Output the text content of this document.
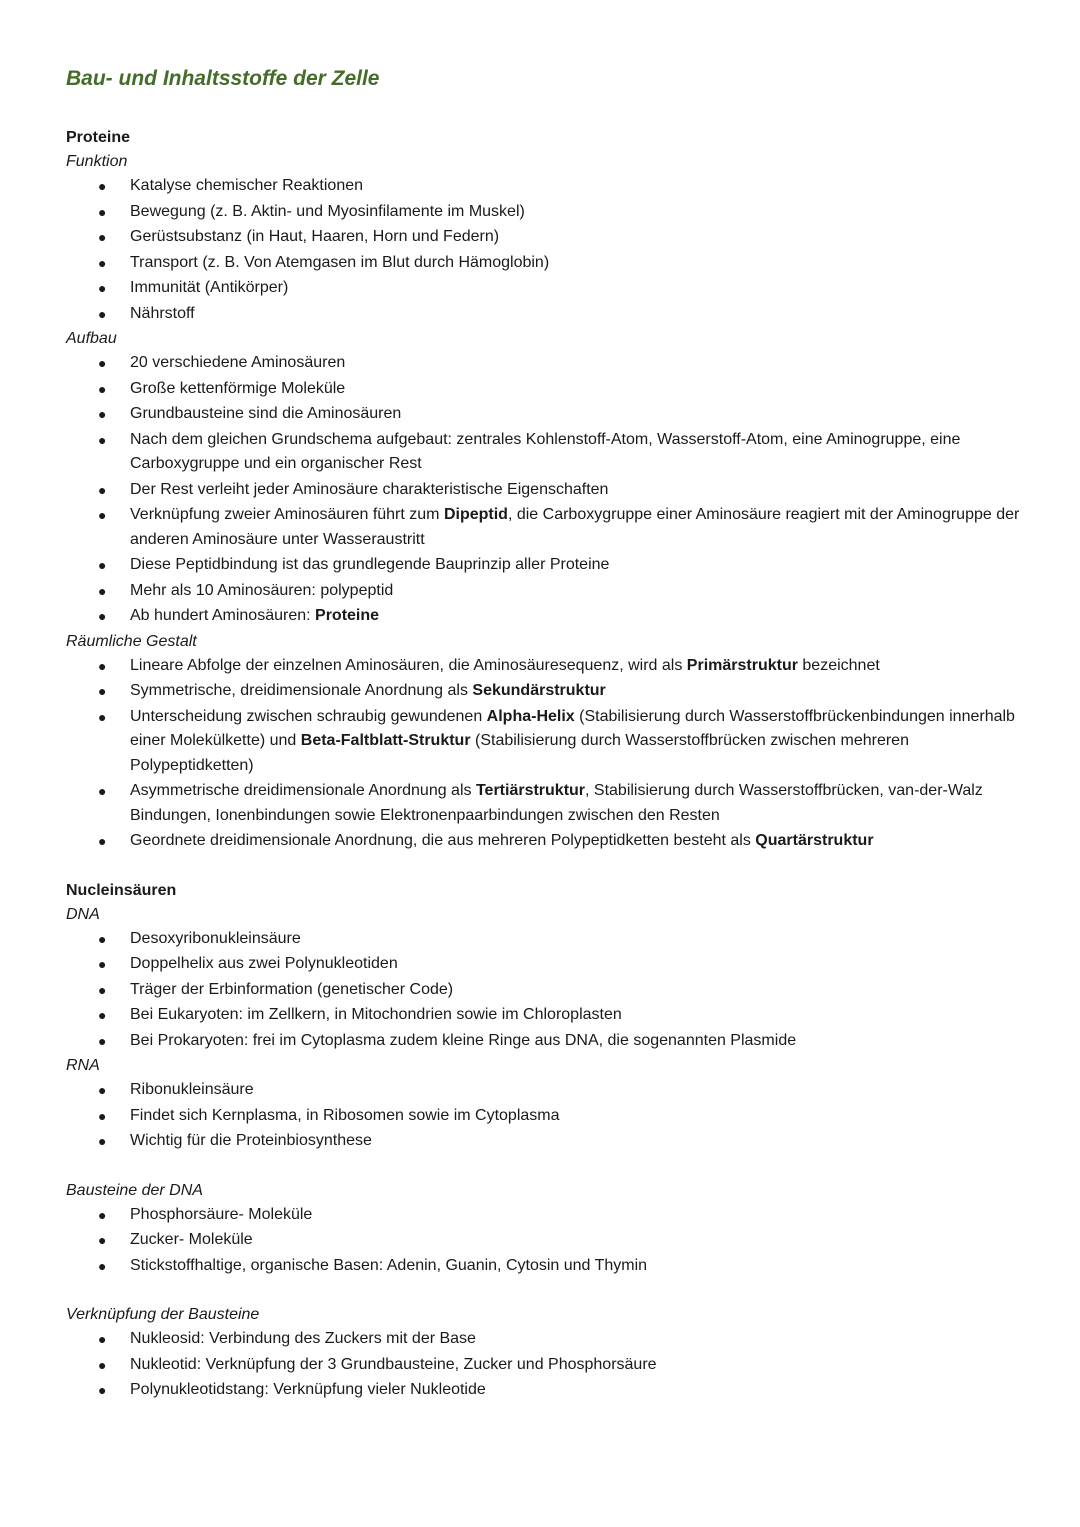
Bau- und Inhaltsstoffe der Zelle
Proteine
Funktion
●	Katalyse chemischer Reaktionen
●	Bewegung (z. B. Aktin- und Myosinfilamente im Muskel)
●	Gerüstsubstanz (in Haut, Haaren, Horn und Federn)
●	Transport (z. B. Von Atemgasen im Blut durch Hämoglobin)
●	Immunität (Antikörper)
●	Nährstoff
Aufbau
●	20 verschiedene Aminosäuren
●	Große kettenförmige Moleküle
●	Grundbausteine sind die Aminosäuren
●	Nach dem gleichen Grundschema aufgebaut: zentrales Kohlenstoff-Atom, Wasserstoff-Atom, eine Aminogruppe, eine Carboxygruppe und ein organischer Rest
●	Der Rest verleiht jeder Aminosäure charakteristische Eigenschaften
●	Verknüpfung zweier Aminosäuren führt zum Dipeptid, die Carboxygruppe einer Aminosäure reagiert mit der Aminogruppe der anderen Aminosäure unter Wasseraustritt
●	Diese Peptidbindung ist das grundlegende Bauprinzip aller Proteine
●	Mehr als 10 Aminosäuren: polypeptid
●	Ab hundert Aminosäuren: Proteine
Räumliche Gestalt
●	Lineare Abfolge der einzelnen Aminosäuren, die Aminosäuresequenz, wird als Primärstruktur bezeichnet
●	Symmetrische, dreidimensionale Anordnung als Sekundärstruktur
●	Unterscheidung zwischen schraubig gewundenen Alpha-Helix (Stabilisierung durch Wasserstoffbrückenbindungen innerhalb einer Molekülkette) und Beta-Faltblatt-Struktur (Stabilisierung durch Wasserstoffbrücken zwischen mehreren Polypeptidketten)
●	Asymmetrische dreidimensionale Anordnung als Tertiärstruktur, Stabilisierung durch Wasserstoffbrücken, van-der-Walz Bindungen, Ionenbindungen sowie Elektronenpaarbindungen zwischen den Resten
●	Geordnete dreidimensionale Anordnung, die aus mehreren Polypeptidketten besteht als Quartärstruktur
Nucleinsäuren
DNA
●	Desoxyribonukleinsäure
●	Doppelhelix aus zwei Polynukleotiden
●	Träger der Erbinformation (genetischer Code)
●	Bei Eukaryoten: im Zellkern, in Mitochondrien sowie im Chloroplasten
●	Bei Prokaryoten: frei im Cytoplasma zudem kleine Ringe aus DNA, die sogenannten Plasmide
RNA
●	Ribonukleinsäure
●	Findet sich Kernplasma, in Ribosomen sowie im Cytoplasma
●	Wichtig für die Proteinbiosynthese
Bausteine der DNA
●	Phosphorsäure- Moleküle
●	Zucker- Moleküle
●	Stickstoffhaltige, organische Basen: Adenin, Guanin, Cytosin und Thymin
Verknüpfung der Bausteine
●	Nukleosid: Verbindung des Zuckers mit der Base
●	Nukleotid: Verknüpfung der 3 Grundbausteine, Zucker und Phosphorsäure
●	Polynukleotidstang: Verknüpfung vieler Nukleotide
